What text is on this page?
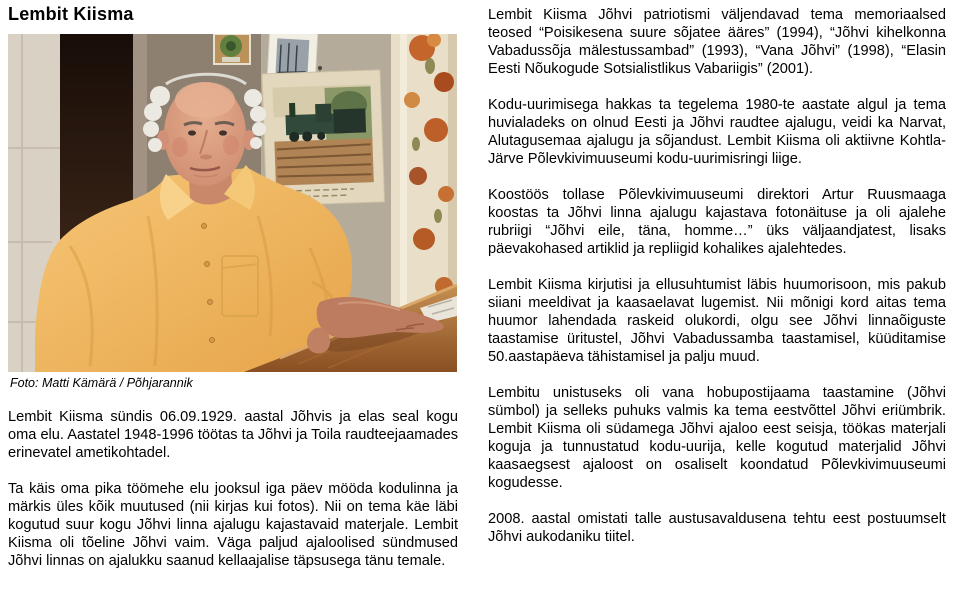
Lembit Kiisma
Foto: Matti Kämärä / Põhjarannik

Lembit Kiisma sündis 06.09.1929. aastal Jõhvis ja elas seal kogu oma elu. Aastatel 1948-1996 töötas ta Jõhvi ja Toila raudteejaamades erinevatel ametikohtadel.

Ta käis oma pika töömehe elu jooksul iga päev mööda kodulinna ja märkis üles kõik muutused (nii kirjas kui fotos). Nii on tema käe läbi kogutud suur kogu Jõhvi linna ajalugu kajastavaid materjale. Lembit Kiisma oli tõeline Jõhvi vaim. Väga paljud ajaloolised sündmused Jõhvi linnas on ajalukku saanud kellaajalise täpsusega tänu temale.

Lembit Kiisma Jõhvi patriotismi väljendavad tema memoriaalsed teosed “Poisikesena suure sõjatee ääres” (1994), “Jõhvi kihelkonna Vabadussõja mälestussambad” (1993), “Vana Jõhvi” (1998), “Elasin Eesti Nõukogude Sotsialistlikus Vabariigis” (2001).

Kodu-uurimisega hakkas ta tegelema 1980-te aastate algul ja tema huvialadeks on olnud Eesti ja Jõhvi raudtee ajalugu, veidi ka Narvat, Alutagusemaa ajalugu ja sõjandust. Lembit Kiisma oli aktiivne Kohtla-Järve Põlevkivimuuseumi kodu-uurimisringi liige.

Koostöös tollase Põlevkivimuuseumi direktori Artur Ruusmaaga koostas ta Jõhvi linna ajalugu kajastava fotonäituse ja oli ajalehe rubriigi “Jõhvi eile, täna, homme…” üks väljaandjatest, lisaks päevakohased artiklid ja repliigid kohalikes ajalehtedes.

Lembit Kiisma kirjutisi ja ellusuhtumist läbis huumorisoon, mis pakub siiani meeldivat ja kaasaelavat lugemist. Nii mõnigi kord aitas tema huumor lahendada raskeid olukordi, olgu see Jõhvi linnaõiguste taastamise üritustel, Jõhvi Vabadussamba taastamisel, küüditamise 50.aastapäeva tähistamisel ja palju muud.

Lembitu unistuseks oli vana hobupostijaama taastamine (Jõhvi sümbol) ja selleks puhuks valmis ka tema eestvõttel Jõhvi eriümbrik. Lembit Kiisma oli südamega Jõhvi ajaloo eest seisja, töökas materjali koguja ja tunnustatud kodu-uurija, kelle kogutud materjalid Jõhvi kaasaegsest ajaloost on osaliselt koondatud Põlevkivimuuseumi kogudesse.

2008. aastal omistati talle austusavaldusena tehtu eest postuumselt Jõhvi aukodaniku tiitel.
